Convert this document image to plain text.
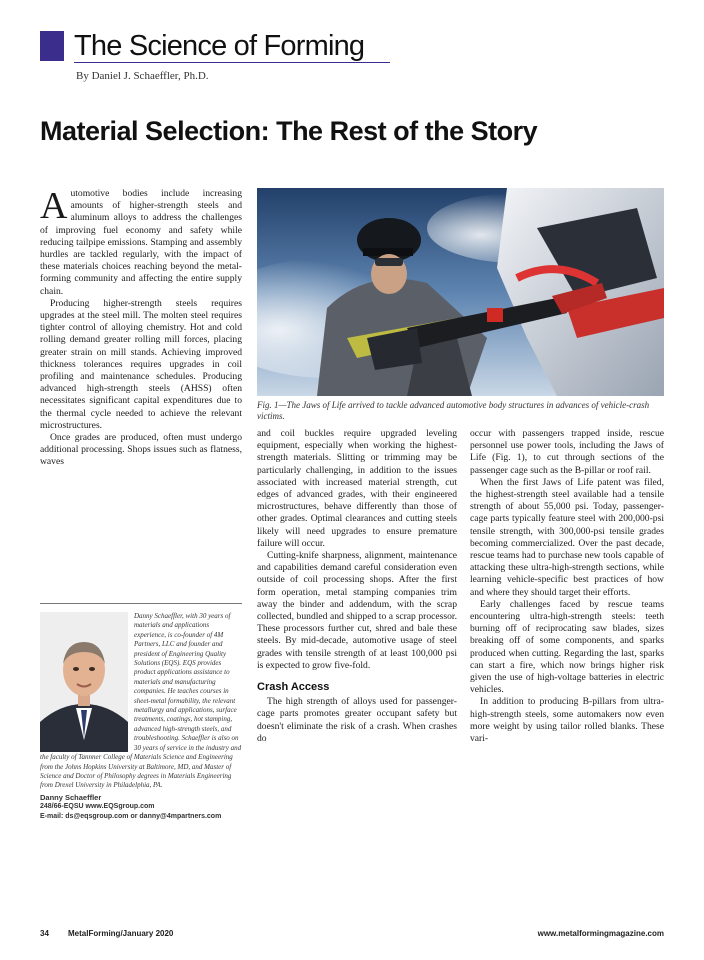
The Science of Forming
By Daniel J. Schaeffler, Ph.D.
Material Selection: The Rest of the Story
A utomotive bodies include increasing amounts of higher-strength steels and aluminum alloys to address the challenges of improving fuel economy and safety while reducing tailpipe emissions. Stamping and assembly hurdles are tackled regularly, with the impact of these materials choices reaching beyond the metal-forming community and affecting the entire supply chain.

Producing higher-strength steels requires upgrades at the steel mill. The molten steel requires tighter control of alloying chemistry. Hot and cold rolling demand greater rolling mill forces, placing greater strain on mill stands. Achieving improved thickness tolerances requires upgrades in coil profiling and maintenance schedules. Producing advanced high-strength steels (AHSS) often necessitates significant capital expenditures due to the thermal cycle needed to achieve the relevant microstructures.

Once grades are produced, often must undergo additional processing. Shops issues such as flatness, waves

Fig. 1—The Jaws of Life arrived to tackle advanced automotive body structures in advances of vehicle-crash victims.

and coil buckles require upgraded leveling equipment, especially when working the highest-strength materials. Slitting or trimming may be particularly challenging, in addition to the issues associated with increased material strength, cut edges of advanced grades, with their engineered microstructures, behave differently than those of other grades. Optimal clearances and cutting steels likely will need upgrades to ensure premature failure will occur.

Cutting-knife sharpness, alignment, maintenance and capabilities demand careful consideration even outside of coil processing shops. After the first form operation, metal stamping companies trim away the binder and addendum, with the scrap collected, bundled and shipped to a scrap processor. These processors further cut, shred and bale these steels. By mid-decade, automotive usage of steel grades with tensile strength of at least 100,000 psi is expected to grow five-fold.

Crash Access

The high strength of alloys used for passenger-cage parts promotes greater occupant safety but doesn't eliminate the risk of a crash. When crashes do

occur with passengers trapped inside, rescue personnel use power tools, including the Jaws of Life (Fig. 1), to cut through sections of the passenger cage such as the B-pillar or roof rail.

When the first Jaws of Life patent was filed, the highest-strength steel available had a tensile strength of about 55,000 psi. Today, passenger-cage parts typically feature steel with 200,000-psi tensile strength, with 300,000-psi tensile grades becoming commercialized. Over the past decade, rescue teams had to purchase new tools capable of attacking these ultra-high-strength sections, while learning vehicle-specific best practices of how and where they should target their efforts.

Early challenges faced by rescue teams encountering ultra-high-strength steels: teeth burning off of reciprocating saw blades, sizes breaking off of some components, and sparks produced when cutting. Regarding the last, sparks can start a fire, which now brings higher risk given the use of high-voltage batteries in electric vehicles.

In addition to producing B-pillars from ultra-high-strength steels, some automakers now even more weight by using tailor rolled blanks. These vari-

Danny Schaeffler, with 30 years of materials and applications experience, is co-founder of 4M Partners, LLC and founder and president of Engineering Quality Solutions (EQS). EQS provides product applications assistance to materials and manufacturing companies. He teaches courses in sheet-metal formability, the relevant metallurgy and applications, surface treatments, coatings, hot stamping, advanced high-strength steels, and troubleshooting. Schaeffler is also on 30 years of service in the industry and the faculty of Tannner College of Materials Science and Engineering from the Johns Hopkins University at Baltimore, MD, and Master of Science and Doctor of Philosophy degrees in Materials Engineering from Drexel University in Philadelphia, PA.

Danny Schaeffler
248/66-EQSU www.EQSgroup.com
E-mail: ds@eqsgroup.com or danny@4mpartners.com
34 MetalForming/January 2020	www.metalformingmagazine.com
